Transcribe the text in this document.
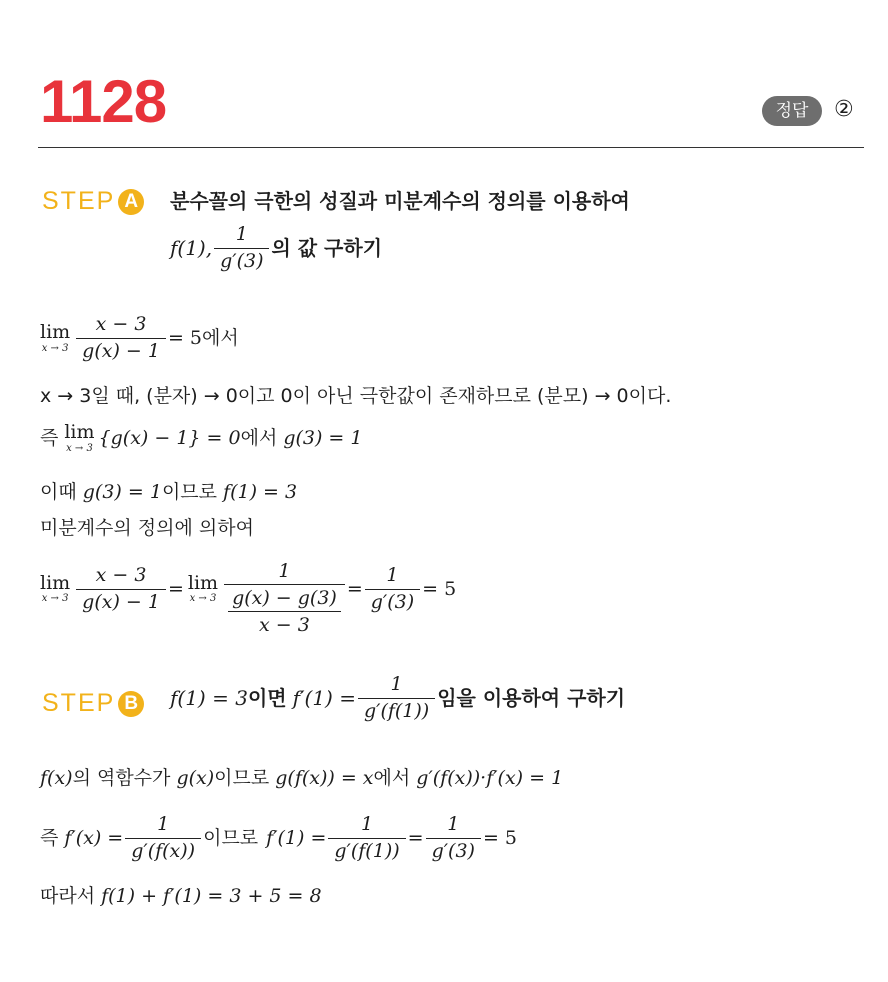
1128	정답	②
STEP A	분수꼴의 극한의 성질과 미분계수의 정의를 이용하여
f(1), $\frac{1}{g'(3)}$ 의 값 구하기
lim
$x \to 3 \frac{x - 3}{g(x) - 1} = 5$ 에서
x → 3일 때, (분자) → 0이고 0이 아닌 극한값이 존재하므로 (분모) → 0이다.
즉 lim
x → 3 {g(x) − 1} = 0 에서 g(3) = 1
이때 g(3) = 1이므로 f(1) = 3
미분계수의 정의에 의하여
lim
$x \to 3 \frac{x - 3}{g(x) - 1} = \lim$
x → 3 1
g(x) − g(3)
$x - 3 = \frac{1}{g'(3)} = 5$
STEP B	f(1) = 3 이면 $f'(1) = \frac{1}{g'(f(1))}$ 임을 이용하여 구하기
f(x)의 역함수가 g(x)이므로 g(f(x)) = x에서 g′(f(x))·f′(x) = 1
즉 $f'(x) = \frac{1}{g'(f(x))}$ 이므로 $f'(1) = \frac{1}{g'(f(1))} = \frac{1}{g'(3)} = 5$
따라서 f(1) + f′(1) = 3 + 5 = 8
